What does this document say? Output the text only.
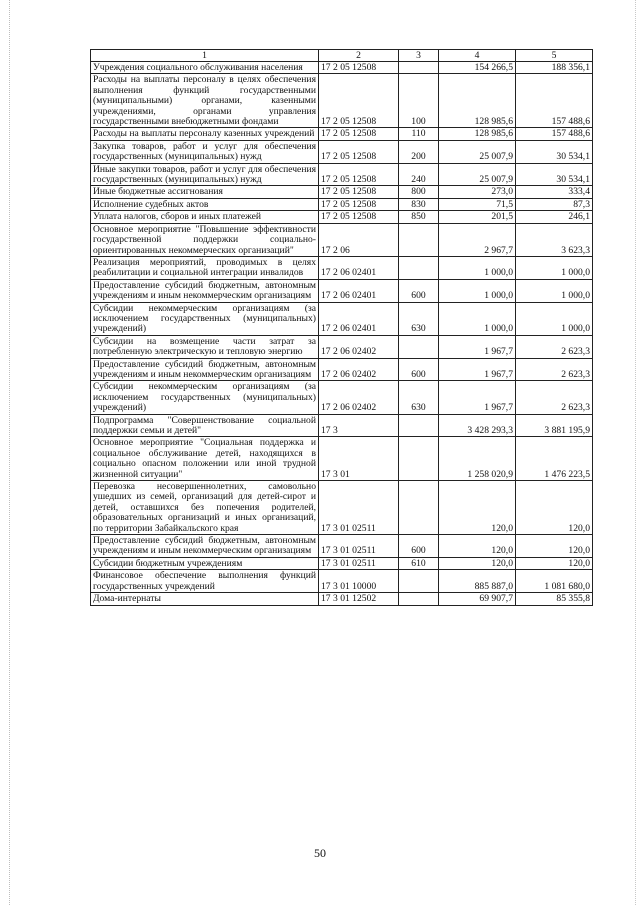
1	2	3	4	5
Учреждения социального обслуживания населения	17 2 05 12508		154 266,5	188 356,1
Расходы на выплаты персоналу в целях обеспечения выполнения функций государственными (муниципальными) органами, казенными учреждениями, органами управления государственными внебюджетными фондами	17 2 05 12508	100	128 985,6	157 488,6
Расходы на выплаты персоналу казенных учреждений	17 2 05 12508	110	128 985,6	157 488,6
Закупка товаров, работ и услуг для обеспечения государственных (муниципальных) нужд	17 2 05 12508	200	25 007,9	30 534,1
Иные закупки товаров, работ и услуг для обеспечения государственных (муниципальных) нужд	17 2 05 12508	240	25 007,9	30 534,1
Иные бюджетные ассигнования	17 2 05 12508	800	273,0	333,4
Исполнение судебных актов	17 2 05 12508	830	71,5	87,3
Уплата налогов, сборов и иных платежей	17 2 05 12508	850	201,5	246,1
Основное мероприятие "Повышение эффективности государственной поддержки социально-ориентированных некоммерческих организаций"	17 2 06		2 967,7	3 623,3
Реализация мероприятий, проводимых в целях реабилитации и социальной интеграции инвалидов	17 2 06 02401		1 000,0	1 000,0
Предоставление субсидий бюджетным, автономным учреждениям и иным некоммерческим организациям	17 2 06 02401	600	1 000,0	1 000,0
Субсидии некоммерческим организациям (за исключением государственных (муниципальных) учреждений)	17 2 06 02401	630	1 000,0	1 000,0
Субсидии на возмещение части затрат за потребленную электрическую и тепловую энергию	17 2 06 02402		1 967,7	2 623,3
Предоставление субсидий бюджетным, автономным учреждениям и иным некоммерческим организациям	17 2 06 02402	600	1 967,7	2 623,3
Субсидии некоммерческим организациям (за исключением государственных (муниципальных) учреждений)	17 2 06 02402	630	1 967,7	2 623,3
Подпрограмма "Совершенствование социальной поддержки семьи и детей"	17 3		3 428 293,3	3 881 195,9
Основное мероприятие "Социальная поддержка и социальное обслуживание детей, находящихся в социально опасном положении или иной трудной жизненной ситуации"	17 3 01		1 258 020,9	1 476 223,5
Перевозка несовершеннолетних, самовольно ушедших из семей, организаций для детей-сирот и детей, оставшихся без попечения родителей, образовательных организаций и иных организаций, по территории Забайкальского края	17 3 01 02511		120,0	120,0
Предоставление субсидий бюджетным, автономным учреждениям и иным некоммерческим организациям	17 3 01 02511	600	120,0	120,0
Субсидии бюджетным учреждениям	17 3 01 02511	610	120,0	120,0
Финансовое обеспечение выполнения функций государственных учреждений	17 3 01 10000		885 887,0	1 081 680,0
Дома-интернаты	17 3 01 12502		69 907,7	85 355,8
50
